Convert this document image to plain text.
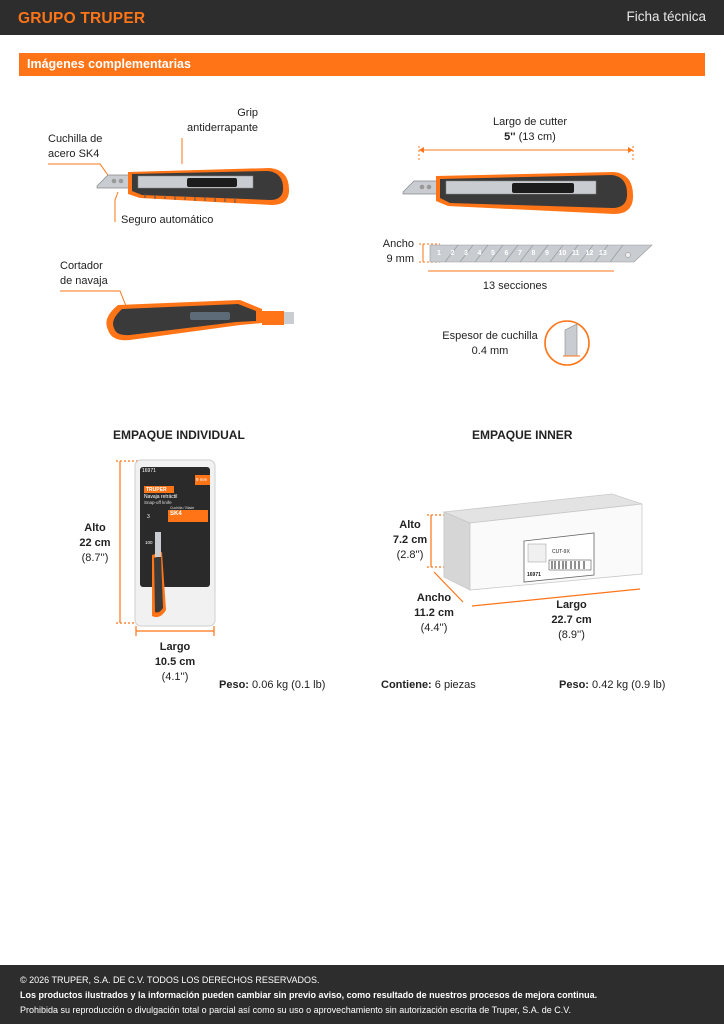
GRUPO TRUPER	Ficha técnica
Imágenes complementarias
Grip
antiderrapante
Cuchilla de
acero SK4
Seguro automático
Cortador
de navaja
Largo de cutter
5'' (13 cm)
Ancho
9 mm
13 secciones
Espesor de cuchilla
0.4 mm
1 2 3 4 5 6 7 8 9 10 11 12 13
EMPAQUE INDIVIDUAL	EMPAQUE INNER
Alto
22 cm
(8.7'')
Largo
10.5 cm
(4.1'')
Peso: 0.06 kg (0.1 lb)
16971
TRUPER
9 mm
Navaja retráctil
Snap-off knife
Cuchilla / Blade
SK4
2x
3
100
16971
CUT-9X
Alto
7.2 cm
(2.8'')
Ancho
11.2 cm
(4.4'')
Largo
22.7 cm
(8.9'')
Contiene: 6 piezas	Peso: 0.42 kg (0.9 lb)
© 2026 TRUPER, S.A. DE C.V. TODOS LOS DERECHOS RESERVADOS.
Los productos ilustrados y la información pueden cambiar sin previo aviso, como resultado de nuestros procesos de mejora continua.
Prohibida su reproducción o divulgación total o parcial así como su uso o aprovechamiento sin autorización escrita de Truper, S.A. de C.V.
